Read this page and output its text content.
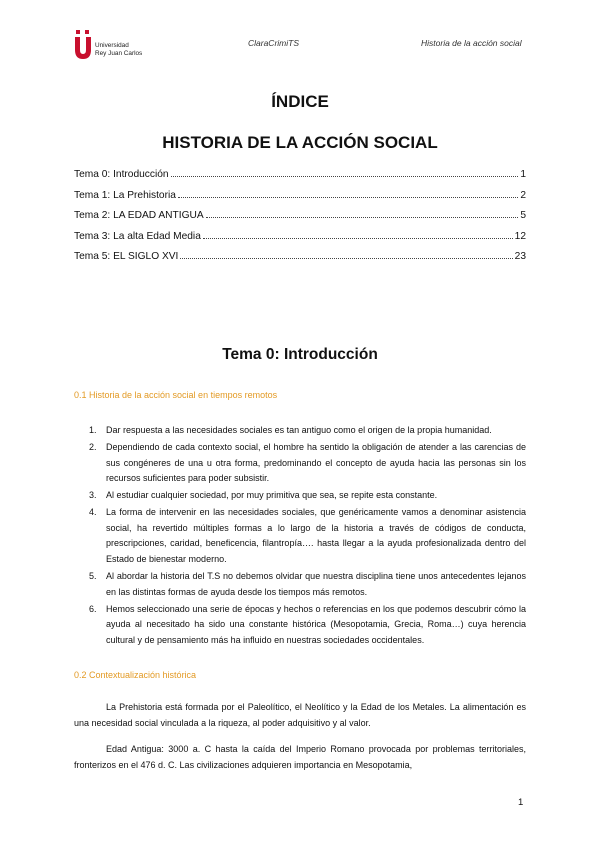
Universidad
Rey Juan Carlos
ClaraCrimiTS	Historia de la acción social
ÍNDICE
HISTORIA DE LA ACCIÓN SOCIAL
Tema 0: Introducción	1
Tema 1: La Prehistoria	2
Tema 2: LA EDAD ANTIGUA	5
Tema 3: La alta Edad Media	12
Tema 5: EL SIGLO XVI	23
Tema 0: Introducción
0.1 Historia de la acción social en tiempos remotos
1. Dar respuesta a las necesidades sociales es tan antiguo como el origen de la propia humanidad.
2. Dependiendo de cada contexto social, el hombre ha sentido la obligación de atender a las carencias de sus congéneres de una u otra forma, predominando el concepto de ayuda hacia las personas sin los recursos suficientes para poder subsistir.
3. Al estudiar cualquier sociedad, por muy primitiva que sea, se repite esta constante.
4. La forma de intervenir en las necesidades sociales, que genéricamente vamos a denominar asistencia social, ha revertido múltiples formas a lo largo de la historia a través de códigos de conducta, prescripciones, caridad, beneficencia, filantropía…. hasta llegar a la ayuda profesionalizada dentro del Estado de bienestar moderno.
5. Al abordar la historia del T.S no debemos olvidar que nuestra disciplina tiene unos antecedentes lejanos en las distintas formas de ayuda desde los tiempos más remotos.
6. Hemos seleccionado una serie de épocas y hechos o referencias en los que podemos descubrir cómo la ayuda al necesitado ha sido una constante histórica (Mesopotamia, Grecia, Roma…) cuya herencia cultural y de pensamiento más ha influido en nuestras sociedades occidentales.
0.2 Contextualización histórica
La Prehistoria está formada por el Paleolítico, el Neolítico y la Edad de los Metales. La alimentación es una necesidad social vinculada a la riqueza, al poder adquisitivo y al valor.
Edad Antigua: 3000 a. C hasta la caída del Imperio Romano provocada por problemas territoriales, fronterizos en el 476 d. C. Las civilizaciones adquieren importancia en Mesopotamia,
1
